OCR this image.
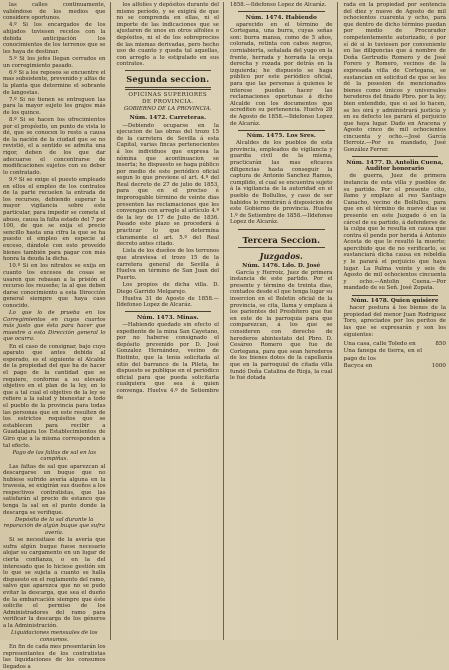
las calles continuamente, valiéndose de los medios que considere oportunos.

4.º Si los encargados de los ahijados tuviesen recelos con la debida anticipación los conocimientos de los terrenos que se les haya de destinar.

5.º Si los jefes llegan cerrados en un corregimiento pasado.

6.º Si a los reposos se encuentre el mas subsistente, prevenido y alfas de la planta que determine el sobrante de langostas.

7.º Si no tienen se entreguen las para la mayor sujeto los grajos más de los quince.

8.º Si se hacen los ofrecimientos por el propósito, un punto de vista lo dé, que se conocen lo resto a causa de la nación de la ciudad que se no revistió, el a sentido se admita una rigor, deben de los que dar adecuarse el concentrarse de modificaciones sujetos con su deber lo contratado.

9.º Si se exige el puesto empleado en ellos el empleo de los contratos de la parte recuelen la entrada de los recursos, debiendo superar la mayor vigilancia sobre este particular, para impedir se cometa el abuso, causa la falta estado del 7 por 100, de que se exija el precio sencillo hasta una cifra la que se ha puesto el empleo en especie al exceso, dándole con esto proveído bienes también para pagar con más honra la deuda la dicha.

10.º Si en los nitratos se exija en cuanto los excesos de cosas se usaren que rebasan a la prisión el recurso los reuseñe; la al que deben darse conocimiento a esta Dirección general siempre que haya caso conocido.

Lo que lo de prueba en los Corregimientos en cuyos cuartos más justo que ésta para hacer que muestre a esta Dirección general lo que ocurra.

En el caso de consignar, bajo cuyo aparato que antes debida al esperado, es el siguiente el Alcalde de la propiedad del que ha de hacer el pago de la cantidad que se requiere, conforme a su elevado objetivo en el plan de la ley, en lo que a tal cual el objetivo de la ley se refiere a la salud y bienestar a todo el pueblo de la provincia para todas las personas que en este resulten de los estrictos requisitos que se establecen para recibir a Guadalajara los Establecimientos de Giro que a la misma corresponden a tal efecto.

Pago de las faltas de sal en las campiñas.

Las faltas de sal que aparezcan al descargarse un buque que no hubiese sufrido avería alguna en la travesía, se exigirán sus dueños a los respectivos contratistas, que las satisfarán al precio de estanco que tenga la sal en el punto donde la descarga se verifique.

Depósito de la sal durante la reparación de algún buque que sufra avería.

Si se necesitase de la avería que sufra algún buque fuese necesario alojar su cargamento en un lugar de cierta confianza, o en la del interesado que lo hiciese gestión sin lo que se sujeta a cuanto se halla dispuesto en el reglamento del ramo, salvo que aparezca que no se pudo evitar la descarga, que sea el dueño de la embarcación siempre que éste solicite el permiso de los Administradores del ramo para verificar la descarga de los géneros a la Administración.

Liquidaciones mensuales de los consumos.

En fin de cada mes presentarán los representantes de los contratistas las liquidaciones de los consumos llegados a

los alfolíes y depósitos durante del mismo período, y se exigirá de que no se comprenda en ellas, ni el importe de las indicaciones que se ajustaren de unos en otros alfolíes o depósitos, ni el de los sobreprecios de las mismas derivadas, pero hecho uso de cuanto y queda tal aquellas, con arreglo a lo estipulado en sus contratos.

Segunda seccion.
OFICINAS SUPERIORES
DE PROVINCIA.
GOBIERNO DE LA PROVINCIA.
Núm. 1472. Carreteras.

—Debiendo ocuparse en la ejecucion de las obras del trozo 15 de la carretera de Sevilla á esta Capital, varias fincas pertenecientes á los individuos que expresa la nómina que acontinuacion se inserta; he dispuesto se haga público por medio de este periódico oficial segun lo que previene el art. 4.º del Real decreto de 27 de julio de 1853, para que en el preciso é improrogable término de veinte dias presenten las reclamaciones que les convengan con arreglo al artículo 4.º de la ley de 17 de Julio de 1836. Pasado este plazo se procederá á practicar lo que determina claramente el art. 5.º del Real decreto antes citado.

Lista de los dueños de los terrenos que atraviesa el trozo 15 de la carretera general de Sevilla á Huelva en término de San Juan del Puerto.

Los propios de dicha villa. D. Diego Garrido Melgarejo.

Huelva 31 de Agosto de 1858.—Ildefonso Lopez de Alcaráz.

Núm. 1473. Minas.

—Habiendo quedado sin efecto el expediente de la mina San Cayetano, por no haberse consignado el depósito prevenido por D. José Gonzalez Hernández, vecino de Riotinto, que la tenia solicitada al sitio del barranco de la Pileta, he dispuesto se publique en el periódico oficial para que pueda solicitarla cualquiera que sea á quien convenga. Huelva 4.º de Setiembre de

1858.—Ildefonso Lopez de Alcaráz.

Núm. 1474. Habiendo

aparecido en el término de Cortegana, una burra, cuyas señas son: burra mansa, como de 5 años, colorada, retinta con cabos negros, corniabierta, señalada del yugo en la frente, herrada y horrada la oreja derecha y rozada por detrás en la izquierda; he dispuesto se haga público por este periódico oficial, para que las personas á quienes le interese puedan hacer las reclamaciones oportunas á dicho Alcalde con los documentos que acrediten su pertenencia. Huelva 28 de Agosto de 1858.—Ildefonso Lopez de Alcaráz.

Núm. 1475. Los Sres.

Alcaldes de los pueblos de esta provincia, empleados de vigilancia y guardia civil de la misma, practicarán las mas eficaces diligencias hasta conseguir la captura de Antonio Sanchez Ramos, cumplido, el cual se encuentra sujeto á la vigilancia de la autoridad en el pueblo de Bollullos, y caso de ser habidos lo remitirán á disposicion de este Gobierno de provincia. Huelva 1.º de Setiembre de 1858.—Ildefonso Lopez de Alcaráz.

Tercera Seccion.
Juzgados.
Núm. 1476. Ldo. D. José

García y Herroiz, Juez de primera instancia de este partido. Por el presente y término de treinta dias, contados desde el que tenga lugar su insercion en el Boletin oficial de la provincia, se cita, llama y emplaza á los parientes del Presbítero que fue en este de la parroquia para que comparezcan, á los que se consideren con derecho de herederos abintestato del Pbro. D. Cesáreo Romero que fue de Cortegana, para que sean herederos de los bienes dotes de la capellanía que en la parroquial de citada villa fundó Doña Catalina de Rioja, la cual le fué dotada

rada en la propiedad por sentencia del diez y nueve de Agosto de mil ochocientos cuarenta y ocho, para que dentro de dicho término puedan por medio de Procurador competentemente autorizado, ó por sí dé si lo tuviesen por conveniente en las diligencias que á nombre de Doña Gertrudis Romero y de José Forero y Romero, vecinos de la expresada villa de Cortegana, se sustancian en solicitud de que se les dé la posesion de mencionados bienes como únicos y universales herederos del finado Pbro. por la ley; bien entendido, que si asi lo hacen, se les oirá y administrará justicia y en su defecto les parará el perjuicio que haya lugar. Dado en Aracena y Agosto cinco de mil ochocientos cincuenta y ocho.—José García Herroiz.—Por su mandado, José González Ferrer.

Núm. 1477. D. Antolin Cuena, Auditor honorario

de guerra, Juez de primera instancia de esta villa y pueblos de su partido. Por el presente cito, llamo y emplazo al reo Santiago Canacho, vecino de Bollullos, para que en el término de nueve dias se presente en este Juzgado ó en la cárcel de su partido, á defenderse de la culpa que le resulta en causa que contra él pende por herida á Antonio Acosta de que le resultó la muerte; apercibido que de no verificarlo, se sustanciará dicha causa en rebeldía y le parará el perjuicio que haya lugar. La Palma veinte y seis de Agosto de mil ochocientos cincuenta y ocho.—Antolin Cuena.—Por mandado de su Señ. José Zopata.

Núm. 1478. Quien quisiere

hacer postura á los bienes de la propiedad del menor Juan Rodriguez Toro, apreciados por los peritos de las que se expresarán y son los siguientes:

Una casa, calle Toledo en	850
Una fanega de tierra, en el pago de los
Bacyca en	1000
